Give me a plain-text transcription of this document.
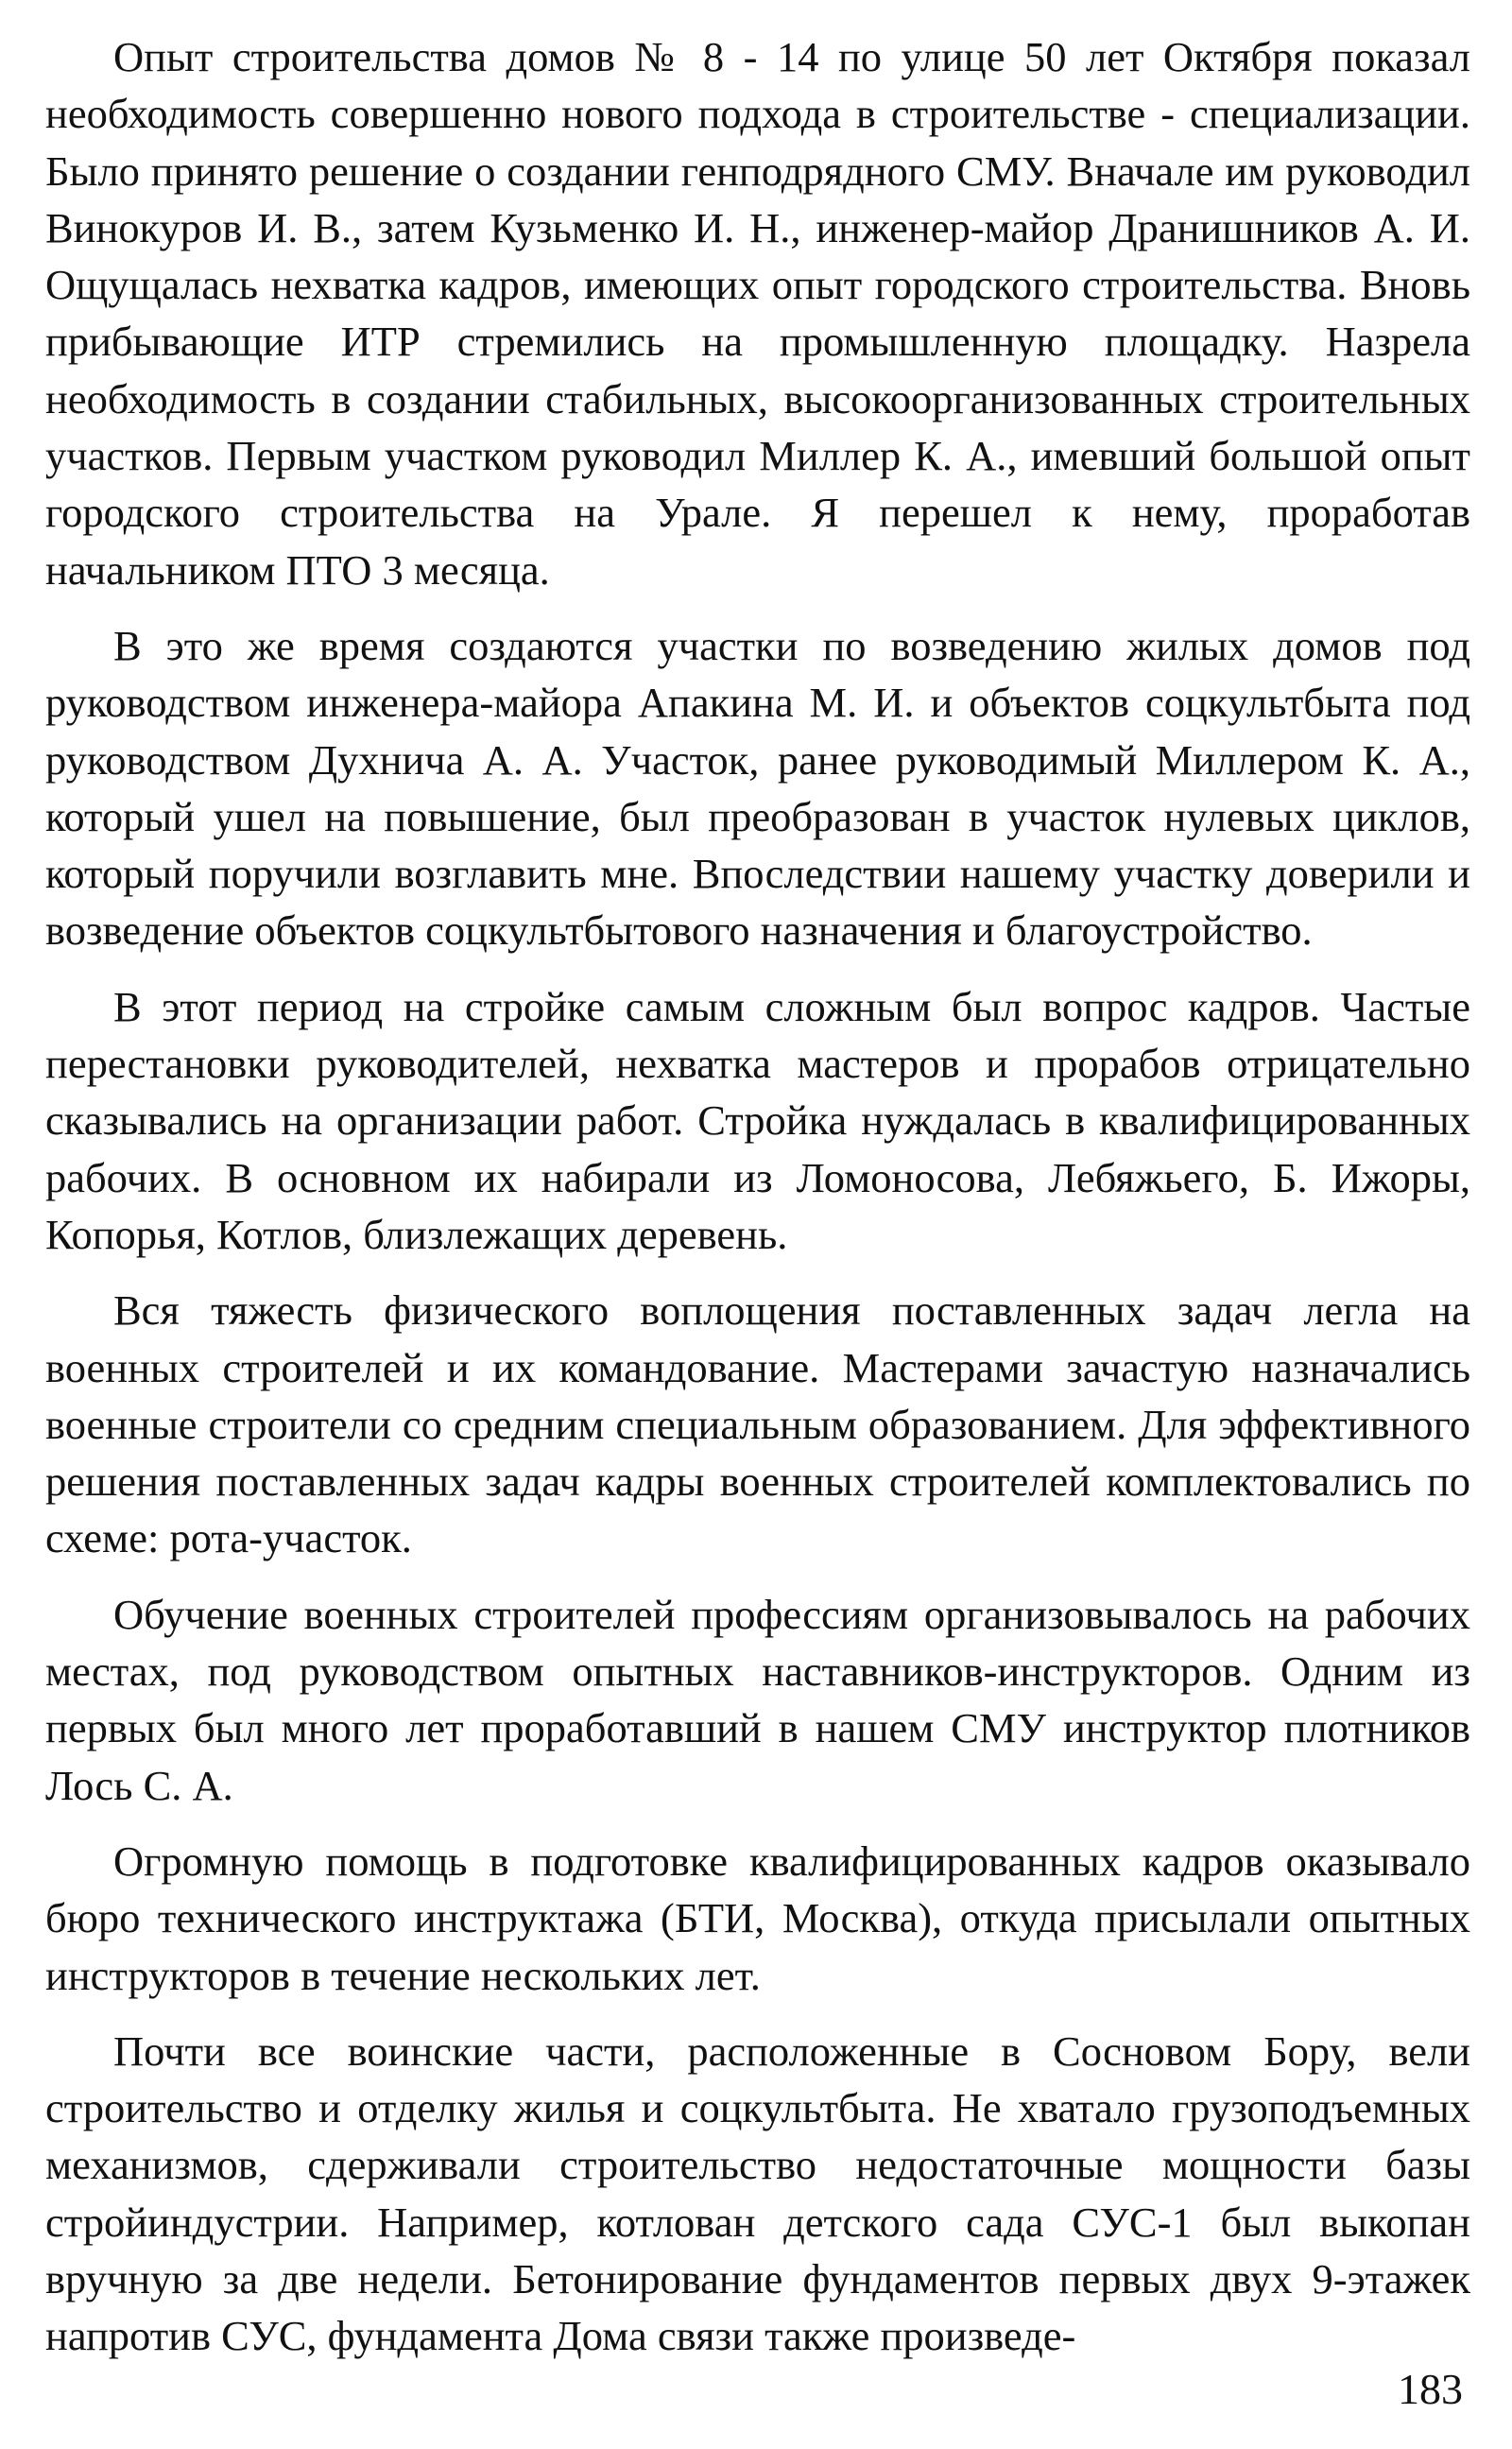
Опыт строительства домов № 8 - 14 по улице 50 лет Октября показал необходимость совершенно нового подхода в строительстве - специализации. Было принято решение о создании генподрядного СМУ. Вначале им руководил Винокуров И. В., затем Кузьменко И. Н., инженер-майор Дранишников А. И. Ощущалась нехватка кадров, имеющих опыт городского строительства. Вновь прибывающие ИТР стремились на промышленную площадку. Назрела необходимость в создании стабильных, высокоорганизованных строительных участков. Первым участком руководил Миллер К. А., имевший большой опыт городского строительства на Урале. Я перешел к нему, проработав начальником ПТО 3 месяца.

В это же время создаются участки по возведению жилых домов под руководством инженера-майора Апакина М. И. и объектов соцкультбыта под руководством Духнича А. А. Участок, ранее руководимый Миллером К. А., который ушел на повышение, был преобразован в участок нулевых циклов, который поручили возглавить мне. Впоследствии нашему участку доверили и возведение объектов соцкультбытового назначения и благоустройство.

В этот период на стройке самым сложным был вопрос кадров. Частые перестановки руководителей, нехватка мастеров и прорабов отрицательно сказывались на организации работ. Стройка нуждалась в квалифицированных рабочих. В основном их набирали из Ломоносова, Лебяжьего, Б. Ижоры, Копорья, Котлов, близлежащих деревень.

Вся тяжесть физического воплощения поставленных задач легла на военных строителей и их командование. Мастерами зачастую назначались военные строители со средним специальным образованием. Для эффективного решения поставленных задач кадры военных строителей комплектовались по схеме: рота-участок.

Обучение военных строителей профессиям организовывалось на рабочих местах, под руководством опытных наставников-инструкторов. Одним из первых был много лет проработавший в нашем СМУ инструктор плотников Лось С. А.

Огромную помощь в подготовке квалифицированных кадров оказывало бюро технического инструктажа (БТИ, Москва), откуда присылали опытных инструкторов в течение нескольких лет.

Почти все воинские части, расположенные в Сосновом Бору, вели строительство и отделку жилья и соцкультбыта. Не хватало грузоподъемных механизмов, сдерживали строительство недостаточные мощности базы стройиндустрии. Например, котлован детского сада СУС-1 был выкопан вручную за две недели. Бетонирование фундаментов первых двух 9-этажек напротив СУС, фундамента Дома связи также произведе-

183
